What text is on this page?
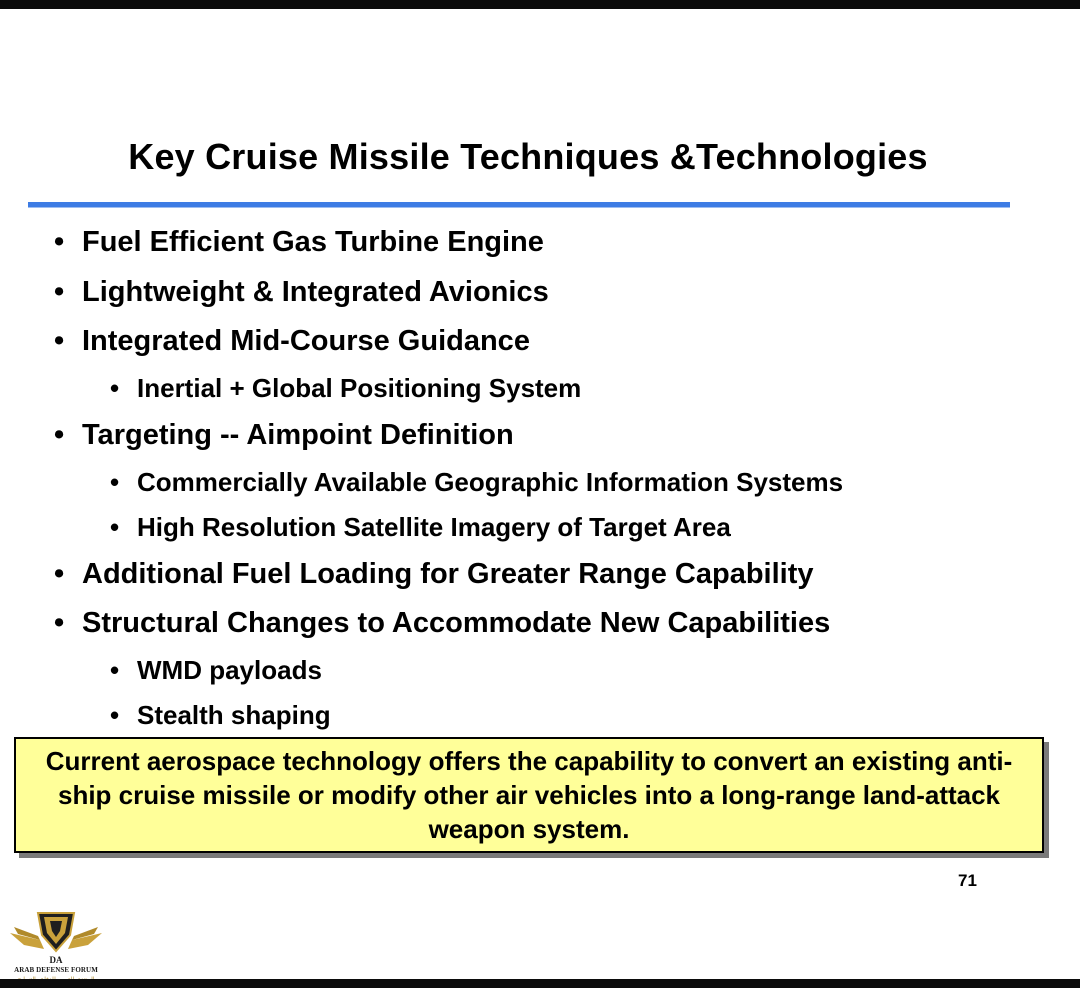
Key Cruise Missile Techniques &Technologies
• Fuel Efficient Gas Turbine Engine
• Lightweight & Integrated Avionics
• Integrated Mid-Course Guidance
• Inertial + Global Positioning System
• Targeting -- Aimpoint Definition
• Commercially Available Geographic Information Systems
• High Resolution Satellite Imagery of Target Area
• Additional Fuel Loading for Greater Range Capability
• Structural Changes to Accommodate New Capabilities
• WMD payloads
• Stealth shaping
Current aerospace technology offers the capability to convert an existing anti-ship cruise missile or modify other air vehicles into a long-range land-attack weapon system.
71
DA
ARAB DEFENSE FORUM
